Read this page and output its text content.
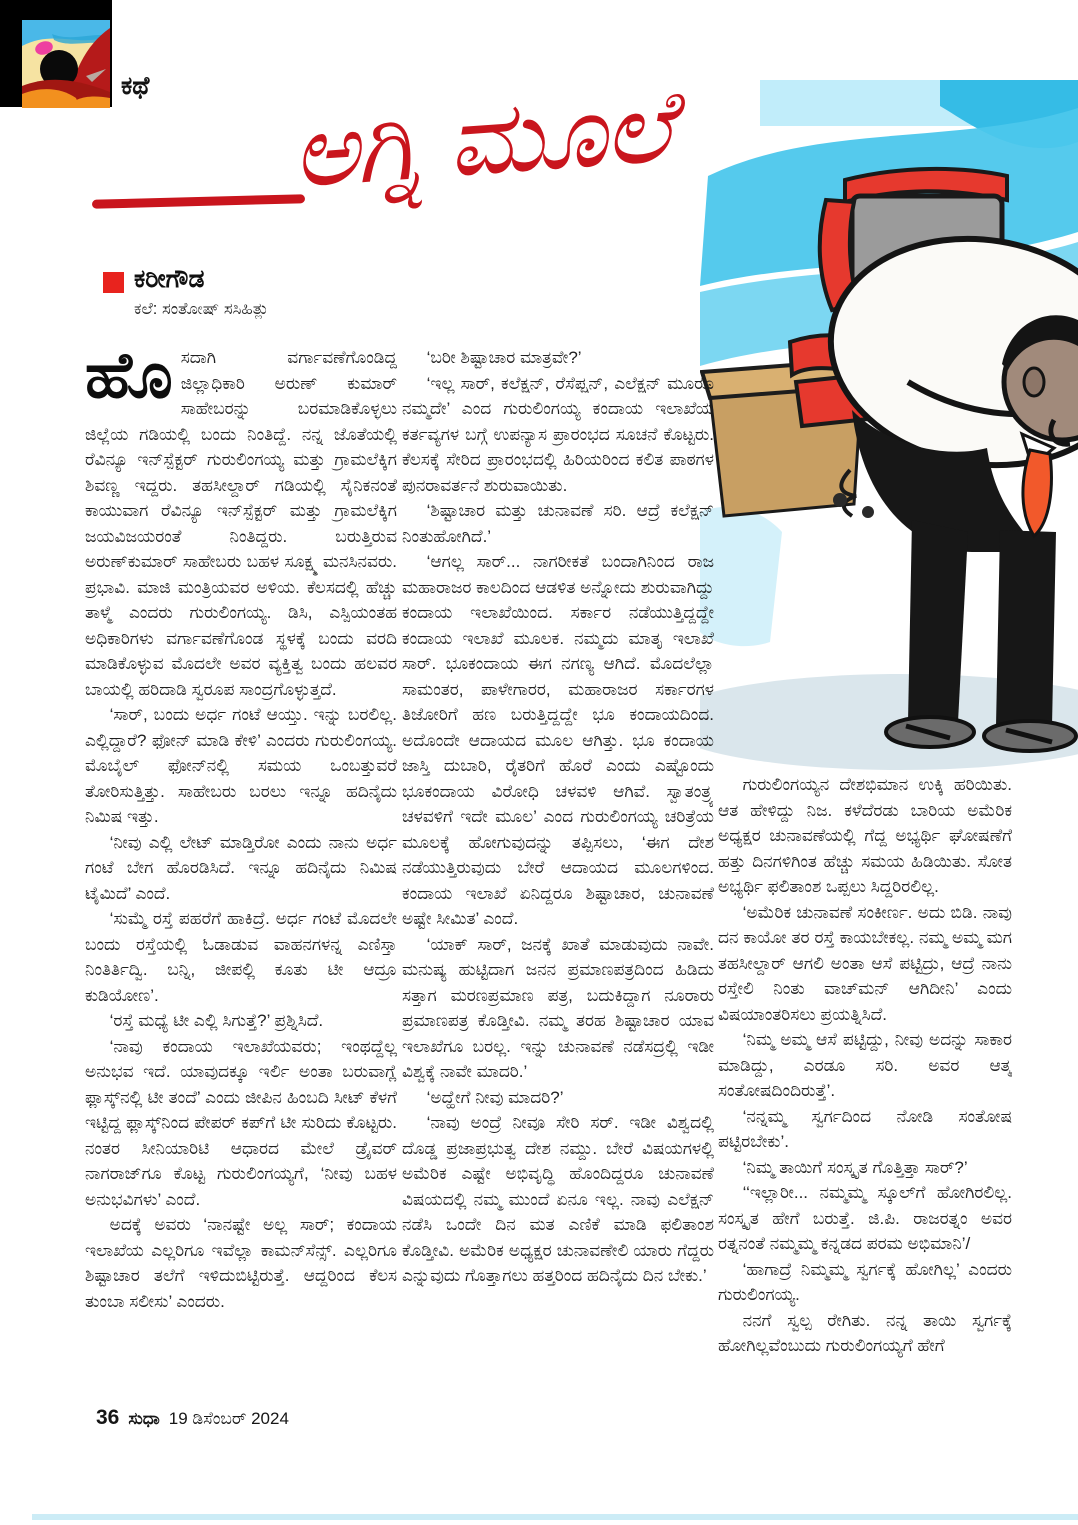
ಕಥೆ ಅಗ್ನಿ ಮೂಲೆ
ಕರೀಗೌಡ
ಕಲೆ: ಸಂತೋಷ್ ಸಸಿಹಿತ್ಲು

ಹೊಸದಾಗಿ ವರ್ಗಾವಣೆಗೊಂಡಿದ್ದ ಜಿಲ್ಲಾಧಿಕಾರಿ ಅರುಣ್ ಕುಮಾರ್ ಸಾಹೇಬರನ್ನು ಬರಮಾಡಿಕೊಳ್ಳಲು ಜಿಲ್ಲೆಯ ಗಡಿಯಲ್ಲಿ ಬಂದು ನಿಂತಿದ್ದೆ. ನನ್ನ ಜೊತೆಯಲ್ಲಿ ರೆವಿನ್ಯೂ ಇನ್‌ಸ್ಪೆಕ್ಟರ್ ಗುರುಲಿಂಗಯ್ಯ ಮತ್ತು ಗ್ರಾಮಲೆಕ್ಕಿಗ ಶಿವಣ್ಣ ಇದ್ದರು. ತಹಸೀಲ್ದಾರ್ ಗಡಿಯಲ್ಲಿ ಸೈನಿಕನಂತೆ ಕಾಯುವಾಗ ರೆವಿನ್ಯೂ ಇನ್‌ಸ್ಪೆಕ್ಟರ್ ಮತ್ತು ಗ್ರಾಮಲೆಕ್ಕಿಗ ಜಯವಿಜಯರಂತೆ ನಿಂತಿದ್ದರು. ಬರುತ್ತಿರುವ ಅರುಣ್‌ಕುಮಾರ್ ಸಾಹೇಬರು ಬಹಳ ಸೂಕ್ಷ್ಮ ಮನಸಿನವರು. ಪ್ರಭಾವಿ. ಮಾಜಿ ಮಂತ್ರಿಯವರ ಅಳಿಯ. ಕೆಲಸದಲ್ಲಿ ಹೆಚ್ಚು ತಾಳ್ಮೆ ಎಂದರು ಗುರುಲಿಂಗಯ್ಯ. ಡಿಸಿ, ಎಸ್ಪಿಯಂತಹ ಅಧಿಕಾರಿಗಳು ವರ್ಗಾವಣೆಗೊಂಡ ಸ್ಥಳಕ್ಕೆ ಬಂದು ವರದಿ ಮಾಡಿಕೊಳ್ಳುವ ಮೊದಲೇ ಅವರ ವ್ಯಕ್ತಿತ್ವ ಬಂದು ಹಲವರ ಬಾಯಲ್ಲಿ ಹರಿದಾಡಿ ಸ್ವರೂಪ ಸಾಂದ್ರಗೊಳ್ಳುತ್ತದೆ.

‘ಸಾರ್, ಬಂದು ಅರ್ಧ ಗಂಟೆ ಆಯ್ತು. ಇನ್ನು ಬರಲಿಲ್ಲ. ಎಲ್ಲಿದ್ದಾರೆ? ಫೋನ್ ಮಾಡಿ ಕೇಳಿ’ ಎಂದರು ಗುರುಲಿಂಗಯ್ಯ. ಮೊಬೈಲ್ ಫೋನ್‌ನಲ್ಲಿ ಸಮಯ ಒಂಬತ್ತುವರೆ ತೋರಿಸುತ್ತಿತ್ತು. ಸಾಹೇಬರು ಬರಲು ಇನ್ನೂ ಹದಿನೈದು ನಿಮಿಷ ಇತ್ತು.

‘ನೀವು ಎಲ್ಲಿ ಲೇಟ್ ಮಾಡ್ತಿರೋ ಎಂದು ನಾನು ಅರ್ಧ ಗಂಟೆ ಬೇಗ ಹೊರಡಿಸಿದೆ. ಇನ್ನೂ ಹದಿನೈದು ನಿಮಿಷ ಟೈಮಿದೆ’ ಎಂದೆ.

‘ಸುಮ್ಮೆ ರಸ್ತೆ ಪಹರೆಗೆ ಹಾಕಿದ್ರೆ. ಅರ್ಧ ಗಂಟೆ ಮೊದಲೇ ಬಂದು ರಸ್ತೆಯಲ್ಲಿ ಓಡಾಡುವ ವಾಹನಗಳನ್ನ ಎಣಿಸ್ತಾ ನಿಂತಿರ್ತಿದ್ವಿ. ಬನ್ನಿ, ಜೀಪಲ್ಲಿ ಕೂತು ಟೀ ಆದ್ರೂ ಕುಡಿಯೋಣ’.

‘ರಸ್ತೆ ಮಧ್ಯೆ ಟೀ ಎಲ್ಲಿ ಸಿಗುತ್ತೆ?’ ಪ್ರಶ್ನಿಸಿದೆ.

‘ನಾವು ಕಂದಾಯ ಇಲಾಖೆಯವರು; ಇಂಥದ್ದೆಲ್ಲ ಅನುಭವ ಇದೆ. ಯಾವುದಕ್ಕೂ ಇರ್ಲಿ ಅಂತಾ ಬರುವಾಗ್ಲೆ ಫ್ಲಾಸ್ಕ್‌ನಲ್ಲಿ ಟೀ ತಂದೆ’ ಎಂದು ಜೀಪಿನ ಹಿಂಬದಿ ಸೀಟ್ ಕೆಳಗೆ ಇಟ್ಟಿದ್ದ ಫ್ಲಾಸ್ಕ್‌ನಿಂದ ಪೇಪರ್ ಕಪ್‌ಗೆ ಟೀ ಸುರಿದು ಕೊಟ್ಟರು. ನಂತರ ಸೀನಿಯಾರಿಟಿ ಆಧಾರದ ಮೇಲೆ ಡ್ರೈವರ್ ನಾಗರಾಜ್‌ಗೂ ಕೊಟ್ಟ ಗುರುಲಿಂಗಯ್ಯಗೆ, ‘ನೀವು ಬಹಳ ಅನುಭವಿಗಳು’ ಎಂದೆ.

ಅದಕ್ಕೆ ಅವರು ‘ನಾನಷ್ಟೇ ಅಲ್ಲ ಸಾರ್; ಕಂದಾಯ ಇಲಾಖೆಯ ಎಲ್ಲರಿಗೂ ಇವೆಲ್ಲಾ ಕಾಮನ್‌ಸೆನ್ಸ್. ಎಲ್ಲರಿಗೂ ಶಿಷ್ಟಾಚಾರ ತಲೆಗೆ ಇಳಿದುಬಿಟ್ಟಿರುತ್ತೆ. ಆದ್ದರಿಂದ ಕೆಲಸ ತುಂಬಾ ಸಲೀಸು’ ಎಂದರು.

‘ಬರೀ ಶಿಷ್ಟಾಚಾರ ಮಾತ್ರವೇ?’

‘ಇಲ್ಲ ಸಾರ್, ಕಲೆಕ್ಷನ್, ರೆಸೆಪ್ಷನ್, ಎಲೆಕ್ಷನ್ ಮೂರೂ ನಮ್ಮದೇ’ ಎಂದ ಗುರುಲಿಂಗಯ್ಯ ಕಂದಾಯ ಇಲಾಖೆಯ ಕರ್ತವ್ಯಗಳ ಬಗ್ಗೆ ಉಪನ್ಯಾಸ ಪ್ರಾರಂಭದ ಸೂಚನೆ ಕೊಟ್ಟರು. ಕೆಲಸಕ್ಕೆ ಸೇರಿದ ಪ್ರಾರಂಭದಲ್ಲಿ ಹಿರಿಯರಿಂದ ಕಲಿತ ಪಾಠಗಳ ಪುನರಾವರ್ತನೆ ಶುರುವಾಯಿತು.

‘ಶಿಷ್ಟಾಚಾರ ಮತ್ತು ಚುನಾವಣೆ ಸರಿ. ಆದ್ರೆ ಕಲೆಕ್ಷನ್ ನಿಂತುಹೋಗಿದೆ.’

‘ಆಗಲ್ಲ ಸಾರ್... ನಾಗರೀಕತೆ ಬಂದಾಗಿನಿಂದ ರಾಜ ಮಹಾರಾಜರ ಕಾಲದಿಂದ ಆಡಳಿತ ಅನ್ನೋದು ಶುರುವಾಗಿದ್ದು ಕಂದಾಯ ಇಲಾಖೆಯಿಂದ. ಸರ್ಕಾರ ನಡೆಯುತ್ತಿದ್ದದ್ದೇ ಕಂದಾಯ ಇಲಾಖೆ ಮೂಲಕ. ನಮ್ಮದು ಮಾತೃ ಇಲಾಖೆ ಸಾರ್. ಭೂಕಂದಾಯ ಈಗ ನಗಣ್ಯ ಆಗಿದೆ. ಮೊದಲೆಲ್ಲಾ ಸಾಮಂತರ, ಪಾಳೇಗಾರರ, ಮಹಾರಾಜರ ಸರ್ಕಾರಗಳ ತಿಜೋರಿಗೆ ಹಣ ಬರುತ್ತಿದ್ದದ್ದೇ ಭೂ ಕಂದಾಯದಿಂದ. ಅದೊಂದೇ ಆದಾಯದ ಮೂಲ ಆಗಿತ್ತು. ಭೂ ಕಂದಾಯ ಜಾಸ್ತಿ ದುಬಾರಿ, ರೈತರಿಗೆ ಹೊರೆ ಎಂದು ಎಷ್ಟೊಂದು ಭೂಕಂದಾಯ ವಿರೋಧಿ ಚಳವಳಿ ಆಗಿವೆ. ಸ್ವಾತಂತ್ರ್ಯ ಚಳವಳಿಗೆ ಇದೇ ಮೂಲ’ ಎಂದ ಗುರುಲಿಂಗಯ್ಯ ಚರಿತ್ರೆಯ ಮೂಲಕ್ಕೆ ಹೋಗುವುದನ್ನು ತಪ್ಪಿಸಲು, ‘ಈಗ ದೇಶ ನಡೆಯುತ್ತಿರುವುದು ಬೇರೆ ಆದಾಯದ ಮೂಲಗಳಿಂದ. ಕಂದಾಯ ಇಲಾಖೆ ಏನಿದ್ದರೂ ಶಿಷ್ಟಾಚಾರ, ಚುನಾವಣೆ ಅಷ್ಟೇ ಸೀಮಿತ’ ಎಂದೆ.

‘ಯಾಕ್ ಸಾರ್, ಜನಕ್ಕೆ ಖಾತೆ ಮಾಡುವುದು ನಾವೇ. ಮನುಷ್ಯ ಹುಟ್ಟಿದಾಗ ಜನನ ಪ್ರಮಾಣಪತ್ರದಿಂದ ಹಿಡಿದು ಸತ್ತಾಗ ಮರಣಪ್ರಮಾಣ ಪತ್ರ, ಬದುಕಿದ್ದಾಗ ನೂರಾರು ಪ್ರಮಾಣಪತ್ರ ಕೊಡ್ತೀವಿ. ನಮ್ಮ ತರಹ ಶಿಷ್ಟಾಚಾರ ಯಾವ ಇಲಾಖೆಗೂ ಬರಲ್ಲ. ಇನ್ನು ಚುನಾವಣೆ ನಡೆಸದ್ರಲ್ಲಿ ಇಡೀ ವಿಶ್ವಕ್ಕೆ ನಾವೇ ಮಾದರಿ.’

‘ಅದ್ಹೇಗೆ ನೀವು ಮಾದರಿ?’

‘ನಾವು ಅಂದ್ರೆ ನೀವೂ ಸೇರಿ ಸರ್. ಇಡೀ ವಿಶ್ವದಲ್ಲಿ ದೊಡ್ಡ ಪ್ರಜಾಪ್ರಭುತ್ವ ದೇಶ ನಮ್ದು. ಬೇರೆ ವಿಷಯಗಳಲ್ಲಿ ಅಮೆರಿಕ ಎಷ್ಟೇ ಅಭಿವೃದ್ಧಿ ಹೊಂದಿದ್ದರೂ ಚುನಾವಣೆ ವಿಷಯದಲ್ಲಿ ನಮ್ಮ ಮುಂದೆ ಏನೂ ಇಲ್ಲ. ನಾವು ಎಲೆಕ್ಷನ್ ನಡೆಸಿ ಒಂದೇ ದಿನ ಮತ ಎಣಿಕೆ ಮಾಡಿ ಫಲಿತಾಂಶ ಕೊಡ್ತೀವಿ. ಅಮೆರಿಕ ಅಧ್ಯಕ್ಷರ ಚುನಾವಣೇಲಿ ಯಾರು ಗೆದ್ದರು ಎನ್ನುವುದು ಗೊತ್ತಾಗಲು ಹತ್ತರಿಂದ ಹದಿನೈದು ದಿನ ಬೇಕು.’

ಗುರುಲಿಂಗಯ್ಯನ ದೇಶಭಿಮಾನ ಉಕ್ಕಿ ಹರಿಯಿತು. ಆತ ಹೇಳಿದ್ದು ನಿಜ. ಕಳೆದೆರಡು ಬಾರಿಯ ಅಮೆರಿಕ ಅಧ್ಯಕ್ಷರ ಚುನಾವಣೆಯಲ್ಲಿ ಗೆದ್ದ ಅಭ್ಯರ್ಥಿ ಘೋಷಣೆಗೆ ಹತ್ತು ದಿನಗಳಿಗಿಂತ ಹೆಚ್ಚು ಸಮಯ ಹಿಡಿಯಿತು. ಸೋತ ಅಭ್ಯರ್ಥಿ ಫಲಿತಾಂಶ ಒಪ್ಪಲು ಸಿದ್ದರಿರಲಿಲ್ಲ.

‘ಅಮೆರಿಕ ಚುನಾವಣೆ ಸಂಕೀರ್ಣ. ಅದು ಬಿಡಿ. ನಾವು ದನ ಕಾಯೋ ತರ ರಸ್ತೆ ಕಾಯಬೇಕಲ್ಲ. ನಮ್ಮ ಅಮ್ಮ ಮಗ ತಹಸೀಲ್ದಾರ್ ಆಗಲಿ ಅಂತಾ ಆಸೆ ಪಟ್ಟಿದ್ರು, ಆದ್ರೆ ನಾನು ರಸ್ತೇಲಿ ನಿಂತು ವಾಚ್‌ಮನ್ ಆಗಿದೀನಿ’ ಎಂದು ವಿಷಯಾಂತರಿಸಲು ಪ್ರಯತ್ನಿಸಿದೆ.

‘ನಿಮ್ಮ ಅಮ್ಮ ಆಸೆ ಪಟ್ಟಿದ್ದು, ನೀವು ಅದನ್ನು ಸಾಕಾರ ಮಾಡಿದ್ದು, ಎರಡೂ ಸರಿ. ಅವರ ಆತ್ಮ ಸಂತೋಷದಿಂದಿರುತ್ತೆ’.

‘ನನ್ನಮ್ಮ ಸ್ವರ್ಗದಿಂದ ನೋಡಿ ಸಂತೋಷ ಪಟ್ಟಿರಬೇಕು’.

‘ನಿಮ್ಮ ತಾಯಿಗೆ ಸಂಸ್ಕೃತ ಗೊತ್ತಿತ್ತಾ ಸಾರ್?’

‘‘ಇಲ್ಲಾರೀ... ನಮ್ಮಮ್ಮ ಸ್ಕೂಲ್‌ಗೆ ಹೋಗಿರಲಿಲ್ಲ. ಸಂಸ್ಕೃತ ಹೇಗೆ ಬರುತ್ತೆ. ಜಿ.ಪಿ. ರಾಜರತ್ನಂ ಅವರ ರತ್ನನಂತೆ ನಮ್ಮಮ್ಮ ಕನ್ನಡದ ಪರಮ ಅಭಿಮಾನಿ’/

‘ಹಾಗಾದ್ರೆ ನಿಮ್ಮಮ್ಮ ಸ್ವರ್ಗಕ್ಕೆ ಹೋಗಿಲ್ಲ’ ಎಂದರು ಗುರುಲಿಂಗಯ್ಯ.

ನನಗೆ ಸ್ವಲ್ಪ ರೇಗಿತು. ನನ್ನ ತಾಯಿ ಸ್ವರ್ಗಕ್ಕೆ ಹೋಗಿಲ್ಲವೆಂಬುದು ಗುರುಲಿಂಗಯ್ಯಗೆ ಹೇಗೆ

36 ಸುಧಾ 19 ಡಿಸೆಂಬರ್ 2024
